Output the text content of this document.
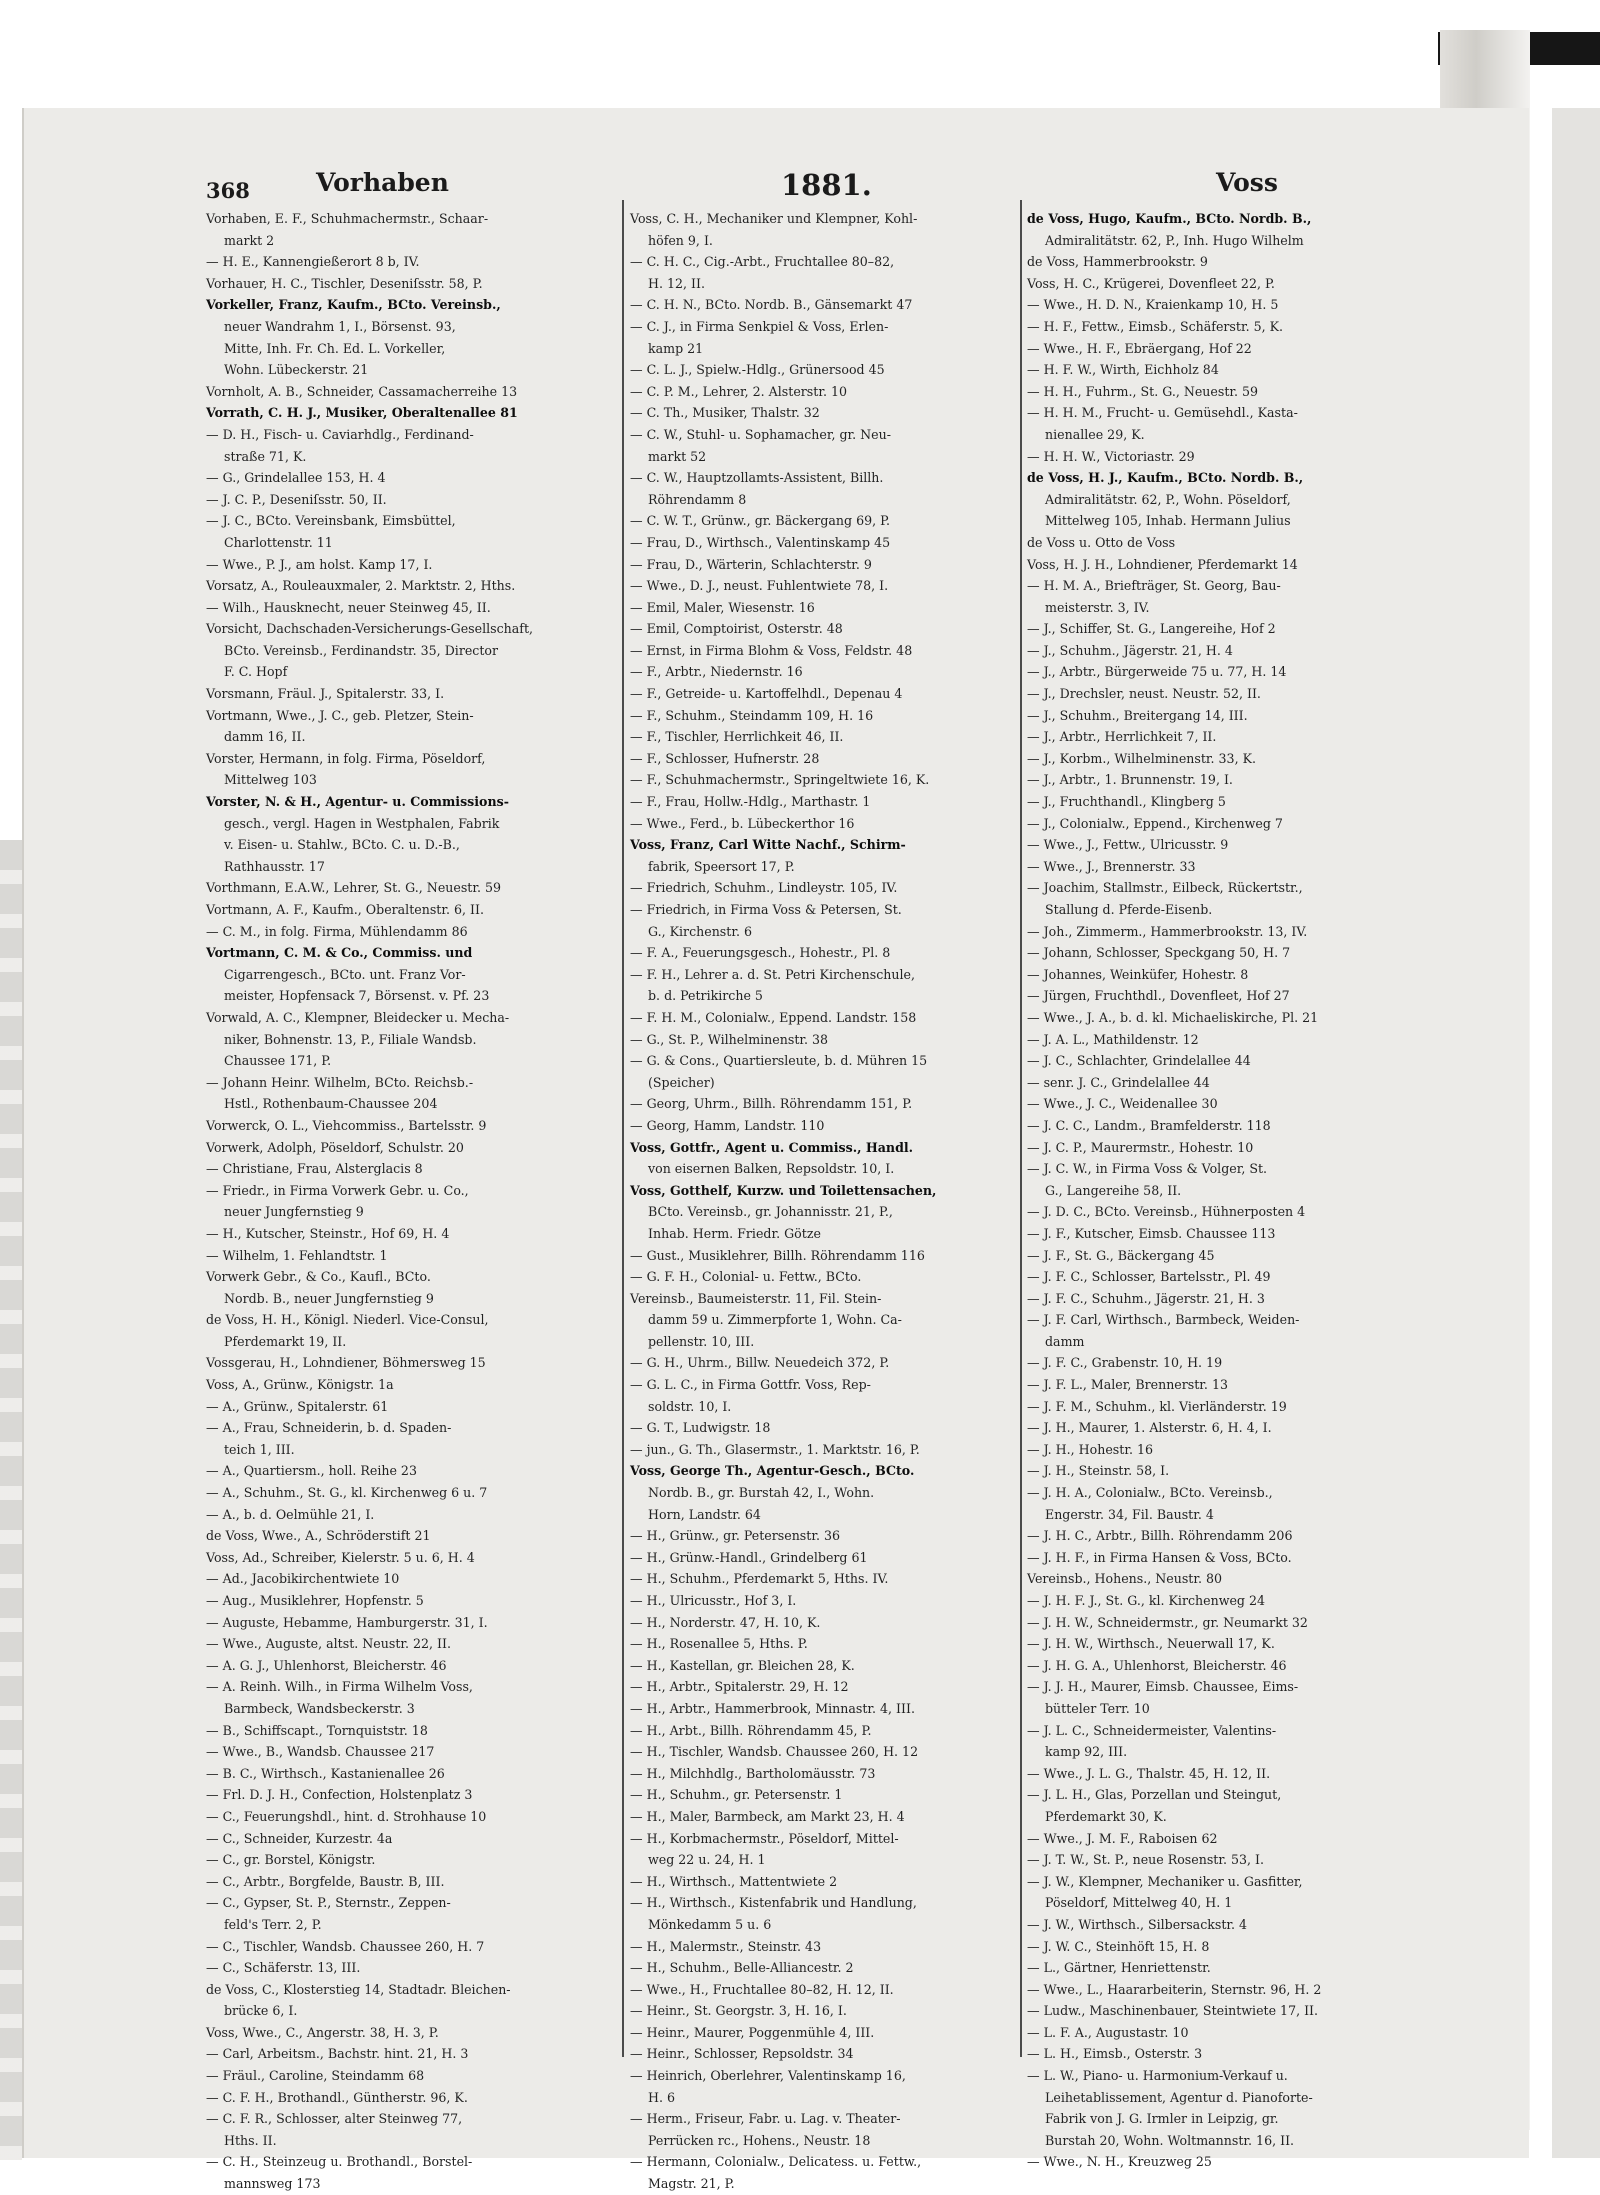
368	Vorhaben	1881.	Voss
Vorhaben, E. F., Schuhmachermstr., Schaar-
markt 2
— H. E., Kannengießerort 8 b, IV.
Vorhauer, H. C., Tischler, Deseniſsstr. 58, P.
Vorkeller, Franz, Kaufm., BCto. Vereinsb.,
neuer Wandrahm 1, I., Börsenst. 93,
Mitte, Inh. Fr. Ch. Ed. L. Vorkeller,
Wohn. Lübeckerstr. 21
Vornholt, A. B., Schneider, Cassamacherreihe 13
Vorrath, C. H. J., Musiker, Oberaltenallee 81
— D. H., Fisch- u. Caviarhdlg., Ferdinand-
straße 71, K.
— G., Grindelallee 153, H. 4
— J. C. P., Deseniſsstr. 50, II.
— J. C., BCto. Vereinsbank, Eimsbüttel,
Charlottenstr. 11
— Wwe., P. J., am holst. Kamp 17, I.
Vorsatz, A., Rouleauxmaler, 2. Marktstr. 2, Hths.
— Wilh., Hausknecht, neuer Steinweg 45, II.
Vorsicht, Dachschaden-Versicherungs-Gesellschaft,
BCto. Vereinsb., Ferdinandstr. 35, Director
F. C. Hopf
Vorsmann, Fräul. J., Spitalerstr. 33, I.
Vortmann, Wwe., J. C., geb. Pletzer, Stein-
damm 16, II.
Vorster, Hermann, in folg. Firma, Pöseldorf,
Mittelweg 103
Vorster, N. & H., Agentur- u. Commissions-
gesch., vergl. Hagen in Westphalen, Fabrik
v. Eisen- u. Stahlw., BCto. C. u. D.-B.,
Rathhausstr. 17
Vorthmann, E.A.W., Lehrer, St. G., Neuestr. 59
Vortmann, A. F., Kaufm., Oberaltenstr. 6, II.
— C. M., in folg. Firma, Mühlendamm 86
Vortmann, C. M. & Co., Commiss. und
Cigarrengesch., BCto. unt. Franz Vor-
meister, Hopfensack 7, Börsenst. v. Pf. 23
Vorwald, A. C., Klempner, Bleidecker u. Mecha-
niker, Bohnenstr. 13, P., Filiale Wandsb.
Chaussee 171, P.
— Johann Heinr. Wilhelm, BCto. Reichsb.-
Hstl., Rothenbaum-Chaussee 204
Vorwerck, O. L., Viehcommiss., Bartelsstr. 9
Vorwerk, Adolph, Pöseldorf, Schulstr. 20
— Christiane, Frau, Alsterglacis 8
— Friedr., in Firma Vorwerk Gebr. u. Co.,
neuer Jungfernstieg 9
— H., Kutscher, Steinstr., Hof 69, H. 4
— Wilhelm, 1. Fehlandtstr. 1
Vorwerk Gebr., & Co., Kaufl., BCto.
Nordb. B., neuer Jungfernstieg 9
de Voss, H. H., Königl. Niederl. Vice-Consul,
Pferdemarkt 19, II.
Vossgerau, H., Lohndiener, Böhmersweg 15
Voss, A., Grünw., Königstr. 1a
— A., Grünw., Spitalerstr. 61
— A., Frau, Schneiderin, b. d. Spaden-
teich 1, III.
— A., Quartiersm., holl. Reihe 23
— A., Schuhm., St. G., kl. Kirchenweg 6 u. 7
— A., b. d. Oelmühle 21, I.
de Voss, Wwe., A., Schröderstift 21
Voss, Ad., Schreiber, Kielerstr. 5 u. 6, H. 4
— Ad., Jacobikirchentwiete 10
— Aug., Musiklehrer, Hopfenstr. 5
— Auguste, Hebamme, Hamburgerstr. 31, I.
— Wwe., Auguste, altst. Neustr. 22, II.
— A. G. J., Uhlenhorst, Bleicherstr. 46
— A. Reinh. Wilh., in Firma Wilhelm Voss,
Barmbeck, Wandsbeckerstr. 3
— B., Schiffscapt., Tornquiststr. 18
— Wwe., B., Wandsb. Chaussee 217
— B. C., Wirthsch., Kastanienallee 26
— Frl. D. J. H., Confection, Holstenplatz 3
— C., Feuerungshdl., hint. d. Strohhause 10
— C., Schneider, Kurzestr. 4a
— C., gr. Borstel, Königstr.
— C., Arbtr., Borgfelde, Baustr. B, III.
— C., Gypser, St. P., Sternstr., Zeppen-
feld's Terr. 2, P.
— C., Tischler, Wandsb. Chaussee 260, H. 7
— C., Schäferstr. 13, III.
de Voss, C., Klosterstieg 14, Stadtadr. Bleichen-
brücke 6, I.
Voss, Wwe., C., Angerstr. 38, H. 3, P.
— Carl, Arbeitsm., Bachstr. hint. 21, H. 3
— Fräul., Caroline, Steindamm 68
— C. F. H., Brothandl., Güntherstr. 96, K.
— C. F. R., Schlosser, alter Steinweg 77,
Hths. II.
— C. H., Steinzeug u. Brothandl., Borstel-
mannsweg 173
Voss, C. H., Mechaniker und Klempner, Kohl-
höfen 9, I.
— C. H. C., Cig.-Arbt., Fruchtallee 80–82,
H. 12, II.
— C. H. N., BCto. Nordb. B., Gänsemarkt 47
— C. J., in Firma Senkpiel & Voss, Erlen-
kamp 21
— C. L. J., Spielw.-Hdlg., Grünersood 45
— C. P. M., Lehrer, 2. Alsterstr. 10
— C. Th., Musiker, Thalstr. 32
— C. W., Stuhl- u. Sophamacher, gr. Neu-
markt 52
— C. W., Hauptzollamts-Assistent, Billh.
Röhrendamm 8
— C. W. T., Grünw., gr. Bäckergang 69, P.
— Frau, D., Wirthsch., Valentinskamp 45
— Frau, D., Wärterin, Schlachterstr. 9
— Wwe., D. J., neust. Fuhlentwiete 78, I.
— Emil, Maler, Wiesenstr. 16
— Emil, Comptoirist, Osterstr. 48
— Ernst, in Firma Blohm & Voss, Feldstr. 48
— F., Arbtr., Niedernstr. 16
— F., Getreide- u. Kartoffelhdl., Depenau 4
— F., Schuhm., Steindamm 109, H. 16
— F., Tischler, Herrlichkeit 46, II.
— F., Schlosser, Hufnerstr. 28
— F., Schuhmachermstr., Springeltwiete 16, K.
— F., Frau, Hollw.-Hdlg., Marthastr. 1
— Wwe., Ferd., b. Lübeckerthor 16
Voss, Franz, Carl Witte Nachf., Schirm-
fabrik, Speersort 17, P.
— Friedrich, Schuhm., Lindleystr. 105, IV.
— Friedrich, in Firma Voss & Petersen, St.
G., Kirchenstr. 6
— F. A., Feuerungsgesch., Hohestr., Pl. 8
— F. H., Lehrer a. d. St. Petri Kirchenschule,
b. d. Petrikirche 5
— F. H. M., Colonialw., Eppend. Landstr. 158
— G., St. P., Wilhelminenstr. 38
— G. & Cons., Quartiersleute, b. d. Mühren 15
(Speicher)
— Georg, Uhrm., Billh. Röhrendamm 151, P.
— Georg, Hamm, Landstr. 110
Voss, Gottfr., Agent u. Commiss., Handl.
von eisernen Balken, Repsoldstr. 10, I.
Voss, Gotthelf, Kurzw. und Toilettensachen,
BCto. Vereinsb., gr. Johannisstr. 21, P.,
Inhab. Herm. Friedr. Götze
— Gust., Musiklehrer, Billh. Röhrendamm 116
— G. F. H., Colonial- u. Fettw., BCto.
Vereinsb., Baumeisterstr. 11, Fil. Stein-
damm 59 u. Zimmerpforte 1, Wohn. Ca-
pellenstr. 10, III.
— G. H., Uhrm., Billw. Neuedeich 372, P.
— G. L. C., in Firma Gottfr. Voss, Rep-
soldstr. 10, I.
— G. T., Ludwigstr. 18
— jun., G. Th., Glasermstr., 1. Marktstr. 16, P.
Voss, George Th., Agentur-Gesch., BCto.
Nordb. B., gr. Burstah 42, I., Wohn.
Horn, Landstr. 64
— H., Grünw., gr. Petersenstr. 36
— H., Grünw.-Handl., Grindelberg 61
— H., Schuhm., Pferdemarkt 5, Hths. IV.
— H., Ulricusstr., Hof 3, I.
— H., Norderstr. 47, H. 10, K.
— H., Rosenallee 5, Hths. P.
— H., Kastellan, gr. Bleichen 28, K.
— H., Arbtr., Spitalerstr. 29, H. 12
— H., Arbtr., Hammerbrook, Minnastr. 4, III.
— H., Arbt., Billh. Röhrendamm 45, P.
— H., Tischler, Wandsb. Chaussee 260, H. 12
— H., Milchhdlg., Bartholomäusstr. 73
— H., Schuhm., gr. Petersenstr. 1
— H., Maler, Barmbeck, am Markt 23, H. 4
— H., Korbmachermstr., Pöseldorf, Mittel-
weg 22 u. 24, H. 1
— H., Wirthsch., Mattentwiete 2
— H., Wirthsch., Kistenfabrik und Handlung,
Mönkedamm 5 u. 6
— H., Malermstr., Steinstr. 43
— H., Schuhm., Belle-Alliancestr. 2
— Wwe., H., Fruchtallee 80–82, H. 12, II.
— Heinr., St. Georgstr. 3, H. 16, I.
— Heinr., Maurer, Poggenmühle 4, III.
— Heinr., Schlosser, Repsoldstr. 34
— Heinrich, Oberlehrer, Valentinskamp 16,
H. 6
— Herm., Friseur, Fabr. u. Lag. v. Theater-
Perrücken rc., Hohens., Neustr. 18
— Hermann, Colonialw., Delicatess. u. Fettw.,
Magstr. 21, P.
de Voss, Hugo, Kaufm., BCto. Nordb. B.,
Admiralitätstr. 62, P., Inh. Hugo Wilhelm
de Voss, Hammerbrookstr. 9
Voss, H. C., Krügerei, Dovenfleet 22, P.
— Wwe., H. D. N., Kraienkamp 10, H. 5
— H. F., Fettw., Eimsb., Schäferstr. 5, K.
— Wwe., H. F., Ebräergang, Hof 22
— H. F. W., Wirth, Eichholz 84
— H. H., Fuhrm., St. G., Neuestr. 59
— H. H. M., Frucht- u. Gemüsehdl., Kasta-
nienallee 29, K.
— H. H. W., Victoriastr. 29
de Voss, H. J., Kaufm., BCto. Nordb. B.,
Admiralitätstr. 62, P., Wohn. Pöseldorf,
Mittelweg 105, Inhab. Hermann Julius
de Voss u. Otto de Voss
Voss, H. J. H., Lohndiener, Pferdemarkt 14
— H. M. A., Briefträger, St. Georg, Bau-
meisterstr. 3, IV.
— J., Schiffer, St. G., Langereihe, Hof 2
— J., Schuhm., Jägerstr. 21, H. 4
— J., Arbtr., Bürgerweide 75 u. 77, H. 14
— J., Drechsler, neust. Neustr. 52, II.
— J., Schuhm., Breitergang 14, III.
— J., Arbtr., Herrlichkeit 7, II.
— J., Korbm., Wilhelminenstr. 33, K.
— J., Arbtr., 1. Brunnenstr. 19, I.
— J., Fruchthandl., Klingberg 5
— J., Colonialw., Eppend., Kirchenweg 7
— Wwe., J., Fettw., Ulricusstr. 9
— Wwe., J., Brennerstr. 33
— Joachim, Stallmstr., Eilbeck, Rückertstr.,
Stallung d. Pferde-Eisenb.
— Joh., Zimmerm., Hammerbrookstr. 13, IV.
— Johann, Schlosser, Speckgang 50, H. 7
— Johannes, Weinküfer, Hohestr. 8
— Jürgen, Fruchthdl., Dovenfleet, Hof 27
— Wwe., J. A., b. d. kl. Michaeliskirche, Pl. 21
— J. A. L., Mathildenstr. 12
— J. C., Schlachter, Grindelallee 44
— senr. J. C., Grindelallee 44
— Wwe., J. C., Weidenallee 30
— J. C. C., Landm., Bramfelderstr. 118
— J. C. P., Maurermstr., Hohestr. 10
— J. C. W., in Firma Voss & Volger, St.
G., Langereihe 58, II.
— J. D. C., BCto. Vereinsb., Hühnerposten 4
— J. F., Kutscher, Eimsb. Chaussee 113
— J. F., St. G., Bäckergang 45
— J. F. C., Schlosser, Bartelsstr., Pl. 49
— J. F. C., Schuhm., Jägerstr. 21, H. 3
— J. F. Carl, Wirthsch., Barmbeck, Weiden-
damm
— J. F. C., Grabenstr. 10, H. 19
— J. F. L., Maler, Brennerstr. 13
— J. F. M., Schuhm., kl. Vierländerstr. 19
— J. H., Maurer, 1. Alsterstr. 6, H. 4, I.
— J. H., Hohestr. 16
— J. H., Steinstr. 58, I.
— J. H. A., Colonialw., BCto. Vereinsb.,
Engerstr. 34, Fil. Baustr. 4
— J. H. C., Arbtr., Billh. Röhrendamm 206
— J. H. F., in Firma Hansen & Voss, BCto.
Vereinsb., Hohens., Neustr. 80
— J. H. F. J., St. G., kl. Kirchenweg 24
— J. H. W., Schneidermstr., gr. Neumarkt 32
— J. H. W., Wirthsch., Neuerwall 17, K.
— J. H. G. A., Uhlenhorst, Bleicherstr. 46
— J. J. H., Maurer, Eimsb. Chaussee, Eims-
bütteler Terr. 10
— J. L. C., Schneidermeister, Valentins-
kamp 92, III.
— Wwe., J. L. G., Thalstr. 45, H. 12, II.
— J. L. H., Glas, Porzellan und Steingut,
Pferdemarkt 30, K.
— Wwe., J. M. F., Raboisen 62
— J. T. W., St. P., neue Rosenstr. 53, I.
— J. W., Klempner, Mechaniker u. Gasfitter,
Pöseldorf, Mittelweg 40, H. 1
— J. W., Wirthsch., Silbersackstr. 4
— J. W. C., Steinhöft 15, H. 8
— L., Gärtner, Henriettenstr.
— Wwe., L., Haararbeiterin, Sternstr. 96, H. 2
— Ludw., Maschinenbauer, Steintwiete 17, II.
— L. F. A., Augustastr. 10
— L. H., Eimsb., Osterstr. 3
— L. W., Piano- u. Harmonium-Verkauf u.
Leihetablissement, Agentur d. Pianoforte-
Fabrik von J. G. Irmler in Leipzig, gr.
Burstah 20, Wohn. Woltmannstr. 16, II.
— Wwe., N. H., Kreuzweg 25
